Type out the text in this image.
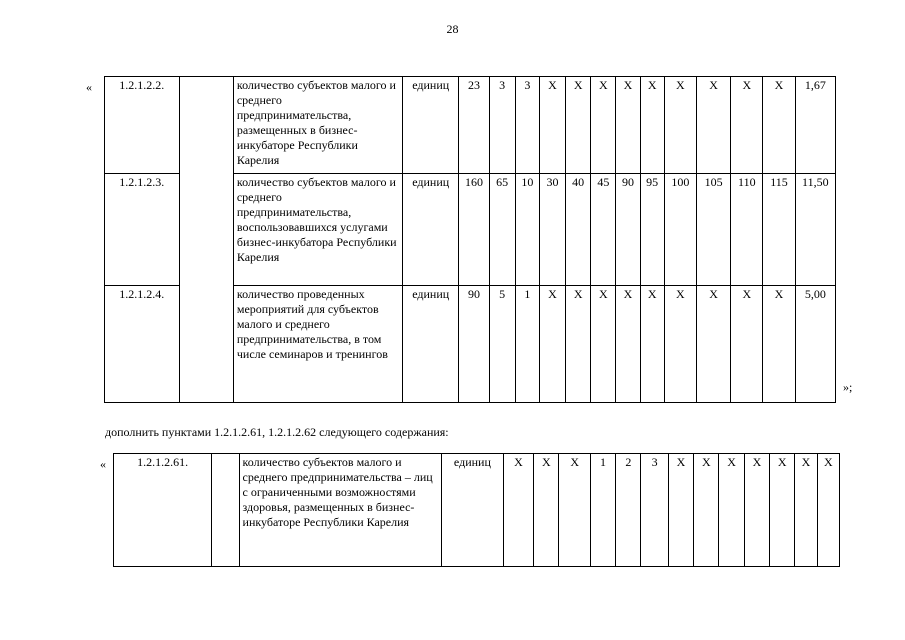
28
« 1.2.1.2.2.		количество субъектов малого и среднего предпринимательства, размещенных в бизнес-инкубаторе Республики Карелия	единиц	23	3	3	X	X	X	X	X	X	X	X	X	1,67
1.2.1.2.3.		количество субъектов малого и среднего предпринимательства, воспользовавшихся услугами бизнес-инкубатора Республики Карелия	единиц	160	65	10	30	40	45	90	95	100	105	110	115	11,50
1.2.1.2.4.		количество проведенных мероприятий для субъектов малого и среднего предпринимательства, в том числе семинаров и тренингов	единиц	90	5	1	X	X	X	X	X	X	X	X	X	5,00
»;
дополнить пунктами 1.2.1.2.61, 1.2.1.2.62 следующего содержания:
«	1.2.1.2.61.		количество субъектов малого и среднего предпринимательства – лиц с ограниченными возможностями здоровья, размещенных в бизнес-инкубаторе Республики Карелия	единиц	X	X	X	1	2	3	X	X	X	X	X	X	X
